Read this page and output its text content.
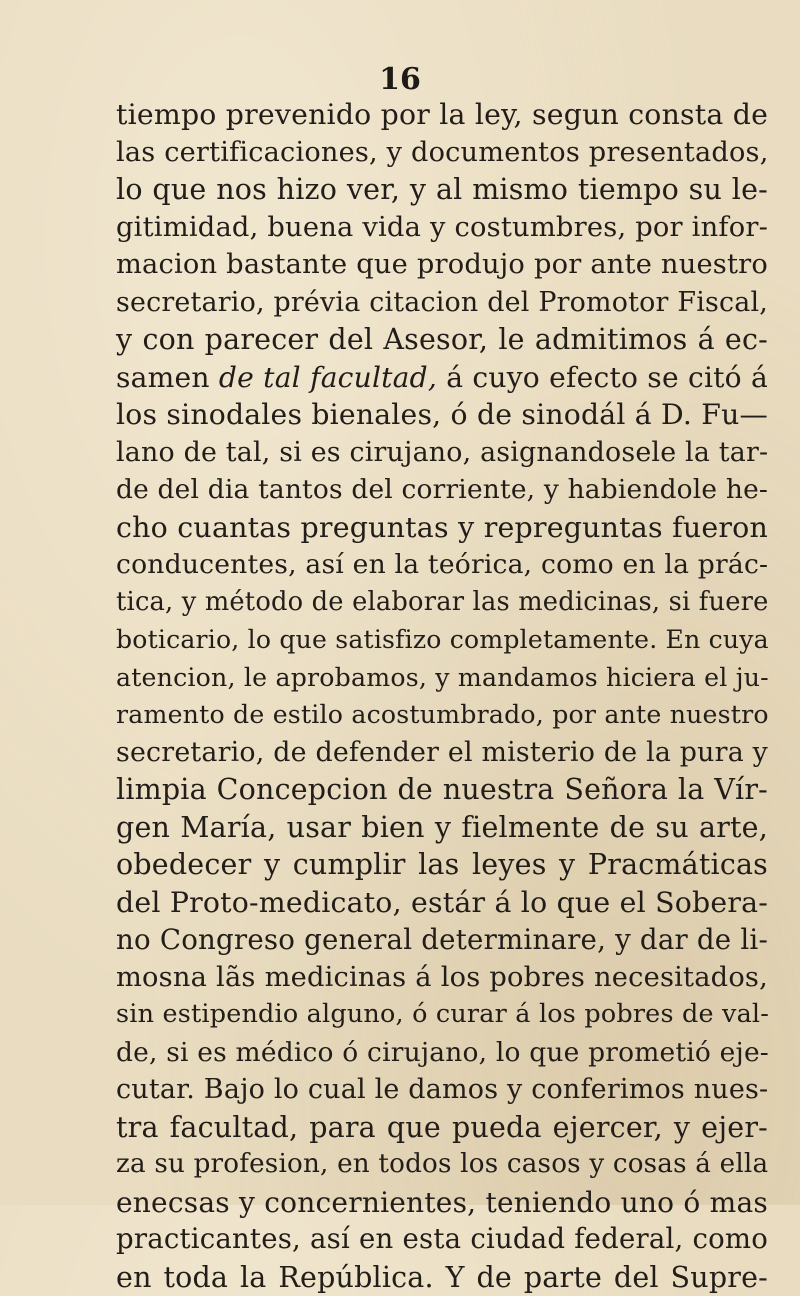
16
tiempo prevenido por la ley, segun consta de
las certificaciones, y documentos presentados,
lo que nos hizo ver, y al mismo tiempo su le-
gitimidad, buena vida y costumbres, por infor-
macion bastante que produjo por ante nuestro
secretario, prévia citacion del Promotor Fiscal,
y con parecer del Asesor, le admitimos á ec-
samen de tal facultad, á cuyo efecto se citó á
los sinodales bienales, ó de sinodál á D. Fu—
lano de tal, si es cirujano, asignandosele la tar-
de del dia tantos del corriente, y habiendole he-
cho cuantas preguntas y repreguntas fueron
conducentes, así en la teórica, como en la prác-
tica, y método de elaborar las medicinas, si fuere
boticario, lo que satisfizo completamente. En cuya
atencion, le aprobamos, y mandamos hiciera el ju-
ramento de estilo acostumbrado, por ante nuestro
secretario, de defender el misterio de la pura y
limpia Concepcion de nuestra Señora la Vír-
gen María, usar bien y fielmente de su arte,
obedecer y cumplir las leyes y Pracmáticas
del Proto-medicato, estár á lo que el Sobera-
no Congreso general determinare, y dar de li-
mosna lãs medicinas á los pobres necesitados,
sin estipendio alguno, ó curar á los pobres de val-
de, si es médico ó cirujano, lo que prometió eje-
cutar. Bajo lo cual le damos y conferimos nues-
tra facultad, para que pueda ejercer, y ejer-
za su profesion, en todos los casos y cosas á ella
enecsas y concernientes, teniendo uno ó mas
practicantes, así en esta ciudad federal, como
en toda la República. Y de parte del Supre-
